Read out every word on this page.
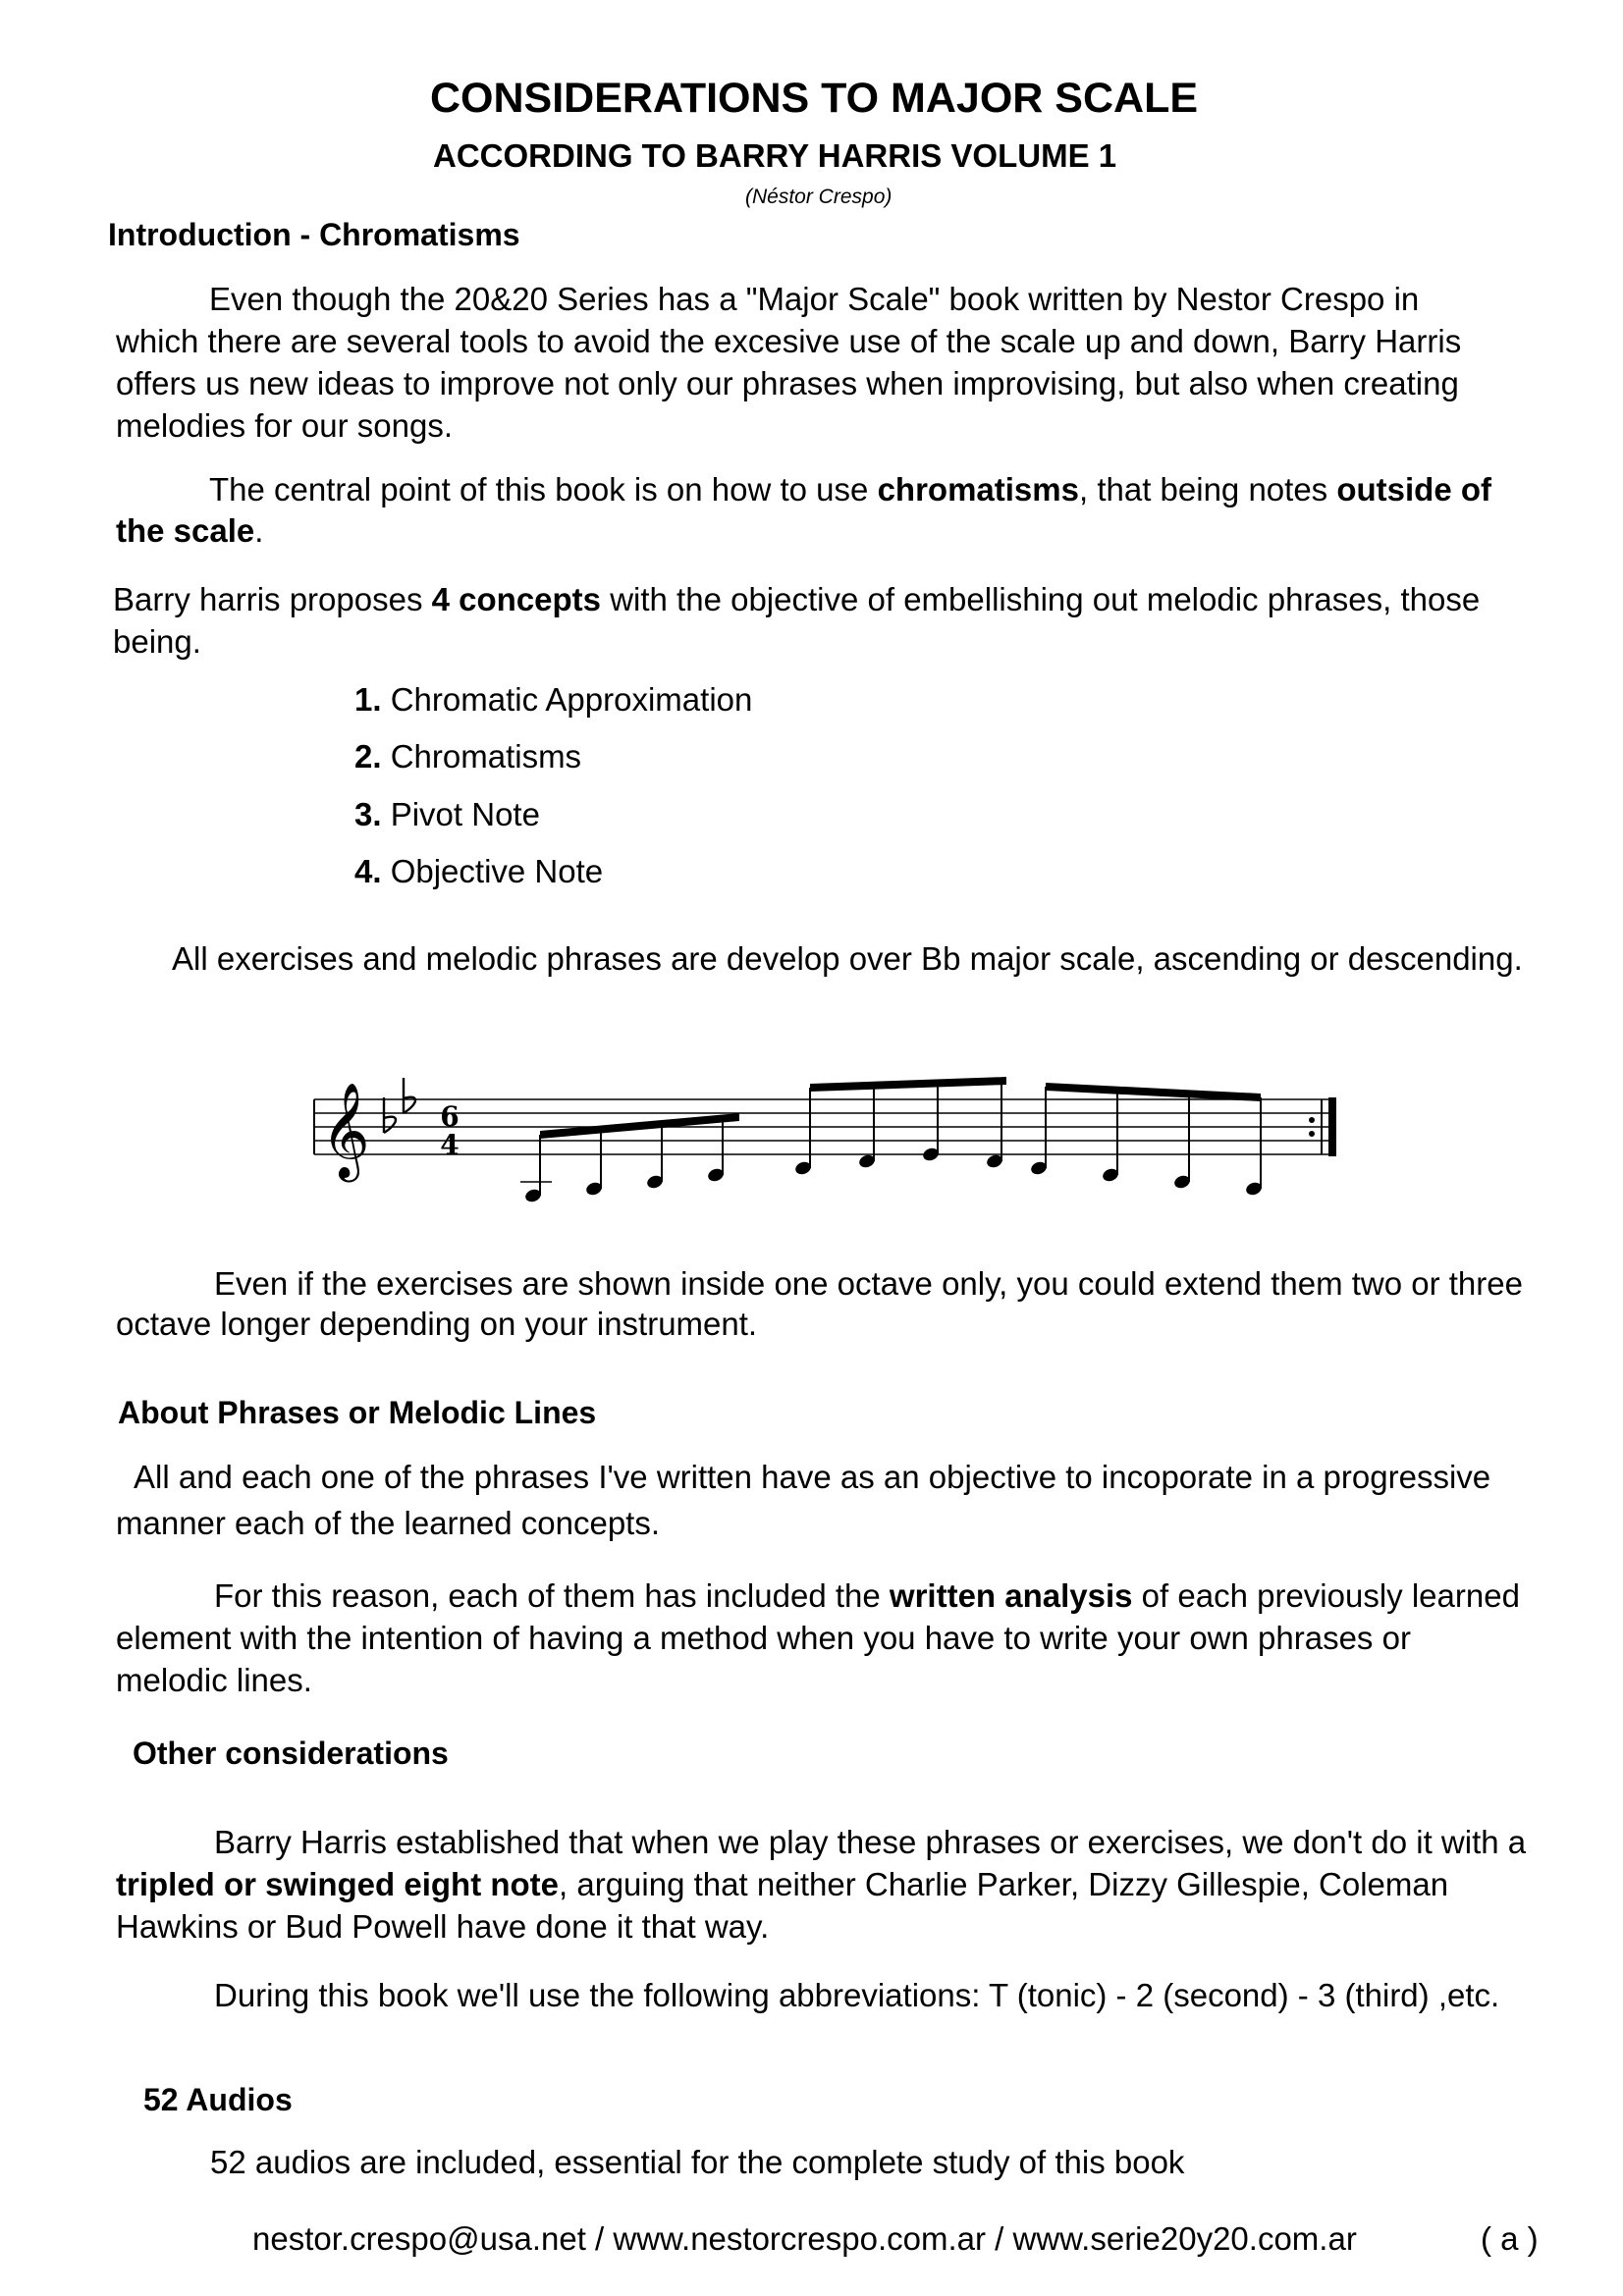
CONSIDERATIONS TO MAJOR SCALE
ACCORDING TO BARRY HARRIS VOLUME 1
(Néstor Crespo)
Introduction - Chromatisms
Even though the 20&20 Series has a "Major Scale" book written by Nestor Crespo in
which there are several tools to avoid the excesive use of the scale up and down, Barry Harris
offers us new ideas to improve not only our phrases when improvising, but also when creating
melodies for our songs.
The central point of this book is on how to use chromatisms, that being notes outside of
the scale.
Barry harris proposes 4 concepts with the objective of embellishing out melodic phrases, those
being.
1. Chromatic Approximation
2. Chromatisms
3. Pivot Note
4. Objective Note
All exercises and melodic phrases are develop over Bb major scale, ascending or descending.
𝄞	6
4
Even if the exercises are shown inside one octave only, you could extend them two or three
octave longer depending on your instrument.
About Phrases or Melodic Lines
All and each one of the phrases I've written have as an objective to incoporate in a progressive
manner each of the learned concepts.
For this reason, each of them has included the written analysis of each previously learned
element with the intention of having a method when you have to write your own phrases or
melodic lines.
Other considerations
Barry Harris established that when we play these phrases or exercises, we don't do it with a
tripled or swinged eight note, arguing that neither Charlie Parker, Dizzy Gillespie, Coleman
Hawkins or Bud Powell have done it that way.
During this book we'll use the following abbreviations: T (tonic) - 2 (second) - 3 (third) ,etc.
52 Audios
52 audios are included, essential for the complete study of this book
nestor.crespo@usa.net / www.nestorcrespo.com.ar / www.serie20y20.com.ar	( a )
